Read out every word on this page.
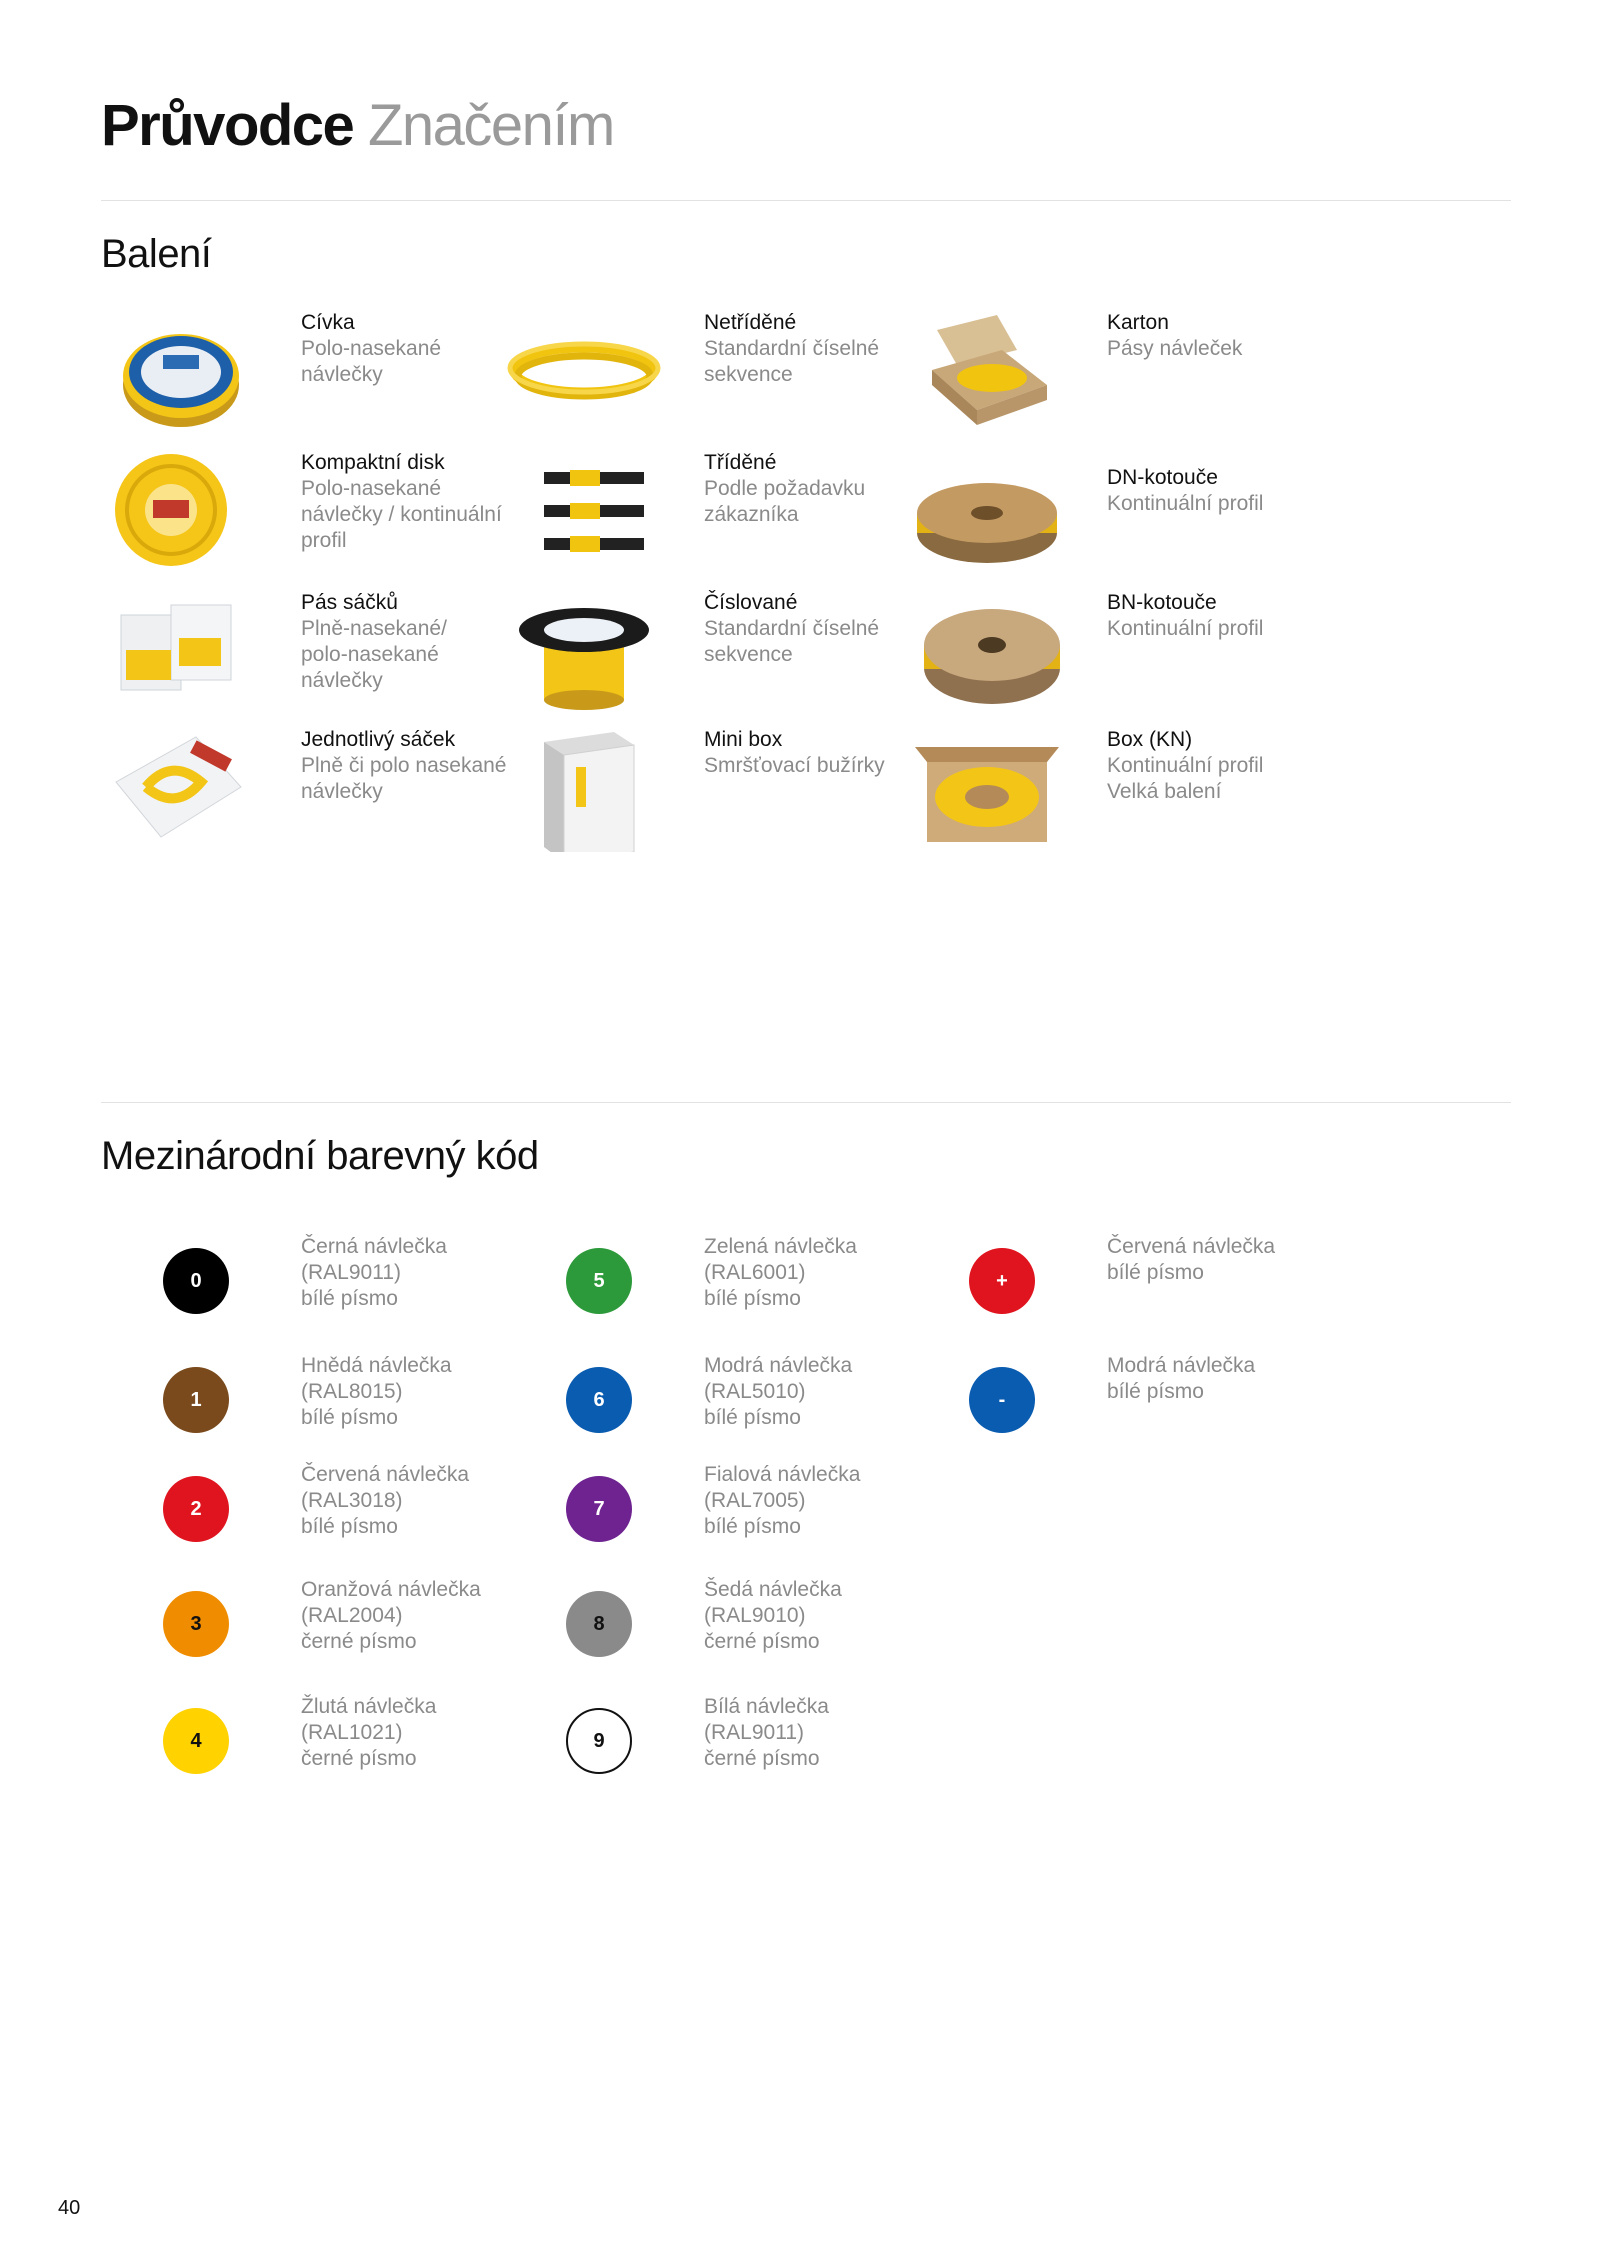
Průvodce Značením
Balení
Cívka
Polo-nasekané
návlečky
Netříděné
Standardní číselné
sekvence
Karton
Pásy návleček
Kompaktní disk
Polo-nasekané
návlečky / kontinuální
profil
Tříděné
Podle požadavku
zákazníka
DN-kotouče
Kontinuální profil
Pás sáčků
Plně-nasekané/
polo-nasekané
návlečky
Číslované
Standardní číselné
sekvence
BN-kotouče
Kontinuální profil
Jednotlivý sáček
Plně či polo nasekané
návlečky
Mini box
Smršťovací bužírky
Box (KN)
Kontinuální profil
Velká balení
Mezinárodní barevný kód
0
Černá návlečka
(RAL9011)
bílé písmo
1
Hnědá návlečka
(RAL8015)
bílé písmo
2
Červená návlečka
(RAL3018)
bílé písmo
3
Oranžová návlečka
(RAL2004)
černé písmo
4
Žlutá návlečka
(RAL1021)
černé písmo
5
Zelená návlečka
(RAL6001)
bílé písmo
6
Modrá návlečka
(RAL5010)
bílé písmo
7
Fialová návlečka
(RAL7005)
bílé písmo
8
Šedá návlečka
(RAL9010)
černé písmo
9
Bílá návlečka
(RAL9011)
černé písmo
+
Červená návlečka
bílé písmo
-
Modrá návlečka
bílé písmo
40
